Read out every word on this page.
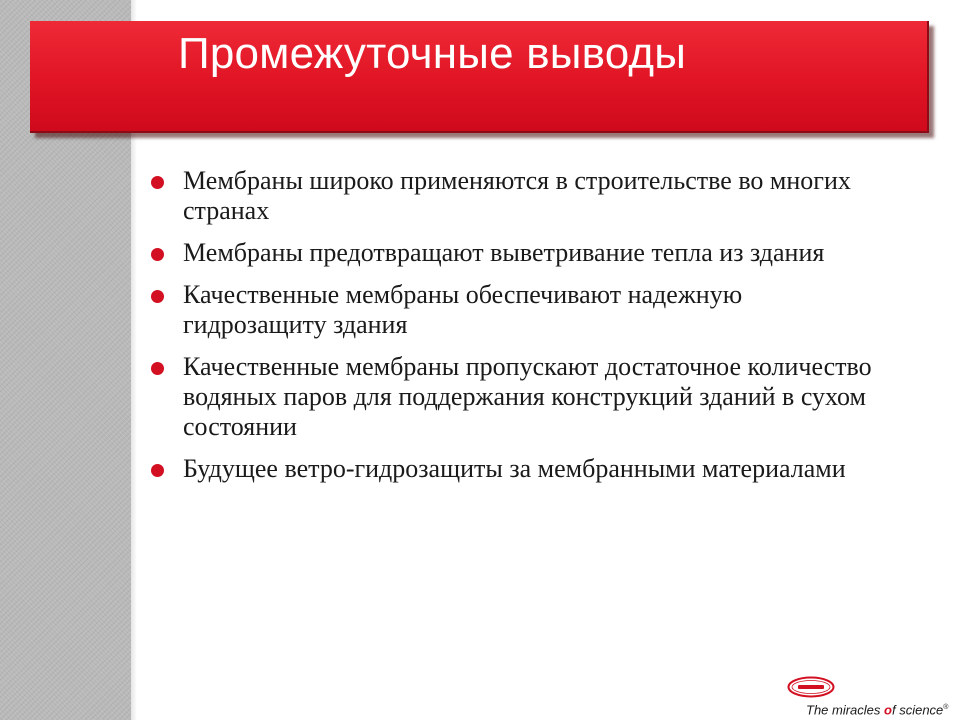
Промежуточные выводы
Мембраны широко применяются в строительстве во многих странах
Мембраны предотвращают выветривание тепла из здания
Качественные мембраны обеспечивают надежную гидрозащиту здания
Качественные мембраны пропускают достаточное количество водяных паров для поддержания конструкций зданий в сухом состоянии
Будущее ветро-гидрозащиты за мембранными материалами

The miracles of science®
